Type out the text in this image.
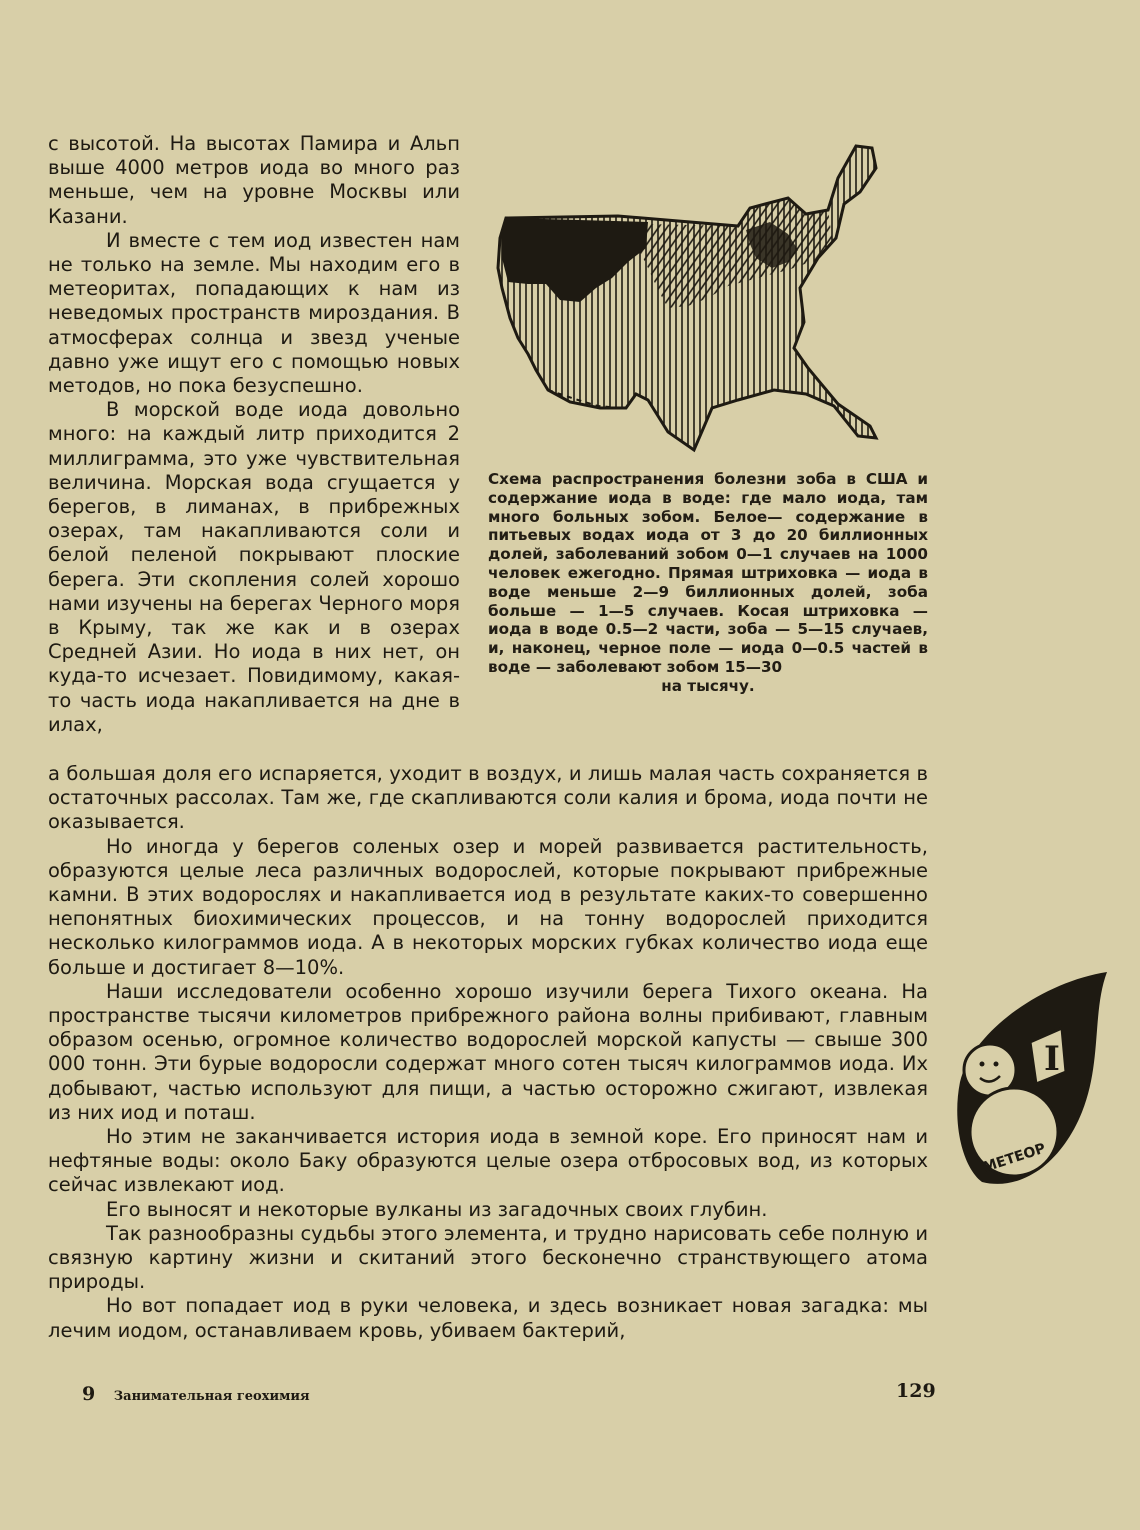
с высотой. На высотах Памира и Альп выше 4000 метров иода во много раз меньше, чем на уровне Москвы или Казани.

И вместе с тем иод известен нам не только на земле. Мы находим его в метеоритах, попадающих к нам из неведомых пространств мироздания. В атмосферах солнца и звезд ученые давно уже ищут его с помощью новых методов, но пока безуспешно.

В морской воде иода довольно много: на каждый литр приходится 2 миллиграмма, это уже чувствительная величина. Морская вода сгущается у берегов, в лиманах, в прибрежных озерах, там накапливаются соли и белой пеленой покрывают плоские берега. Эти скопления солей хорошо нами изучены на берегах Черного моря в Крыму, так же как и в озерах Средней Азии. Но иода в них нет, он куда-то исчезает. Повидимому, какая-то часть иода накапливается на дне в илах,

Схема распространения болезни зоба в США и содержание иода в воде: где мало иода, там много больных зобом. Белое— содержание в питьевых водах иода от 3 до 20 биллионных долей, заболеваний зобом 0—1 случаев на 1000 человек ежегодно. Прямая штриховка — иода в воде меньше 2—9 биллионных долей, зоба больше — 1—5 случаев. Косая штриховка — иода в воде 0.5—2 части, зоба — 5—15 случаев, и, наконец, черное поле — иода 0—0.5 частей в воде — заболевают зобом 15—30

на тысячу.

а большая доля его испаряется, уходит в воздух, и лишь малая часть сохраняется в остаточных рассолах. Там же, где скапливаются соли калия и брома, иода почти не оказывается.

Но иногда у берегов соленых озер и морей развивается растительность, образуются целые леса различных водорослей, которые покрывают прибрежные камни. В этих водорослях и накапливается иод в результате каких-то совершенно непонятных биохимических процессов, и на тонну водорослей приходится несколько килограммов иода. А в некоторых морских губках количество иода еще больше и достигает 8—10%.

Наши исследователи особенно хорошо изучили берега Тихого океана. На пространстве тысячи километров прибрежного района волны прибивают, главным образом осенью, огромное количество водорослей морской капусты — свыше 300 000 тонн. Эти бурые водоросли содержат много сотен тысяч килограммов иода. Их добывают, частью используют для пищи, а частью осторожно сжигают, извлекая из них иод и поташ.

Но этим не заканчивается история иода в земной коре. Его приносят нам и нефтяные воды: около Баку образуются целые озера отбросовых вод, из которых сейчас извлекают иод.

Его выносят и некоторые вулканы из загадочных своих глубин.

Так разнообразны судьбы этого элемента, и трудно нарисовать себе полную и связную картину жизни и скитаний этого бесконечно странствующего атома природы.

Но вот попадает иод в руки человека, и здесь возникает новая загадка: мы лечим иодом, останавливаем кровь, убиваем бактерий,

I
МЕТЕОР
9 Занимательная геохимия	129
